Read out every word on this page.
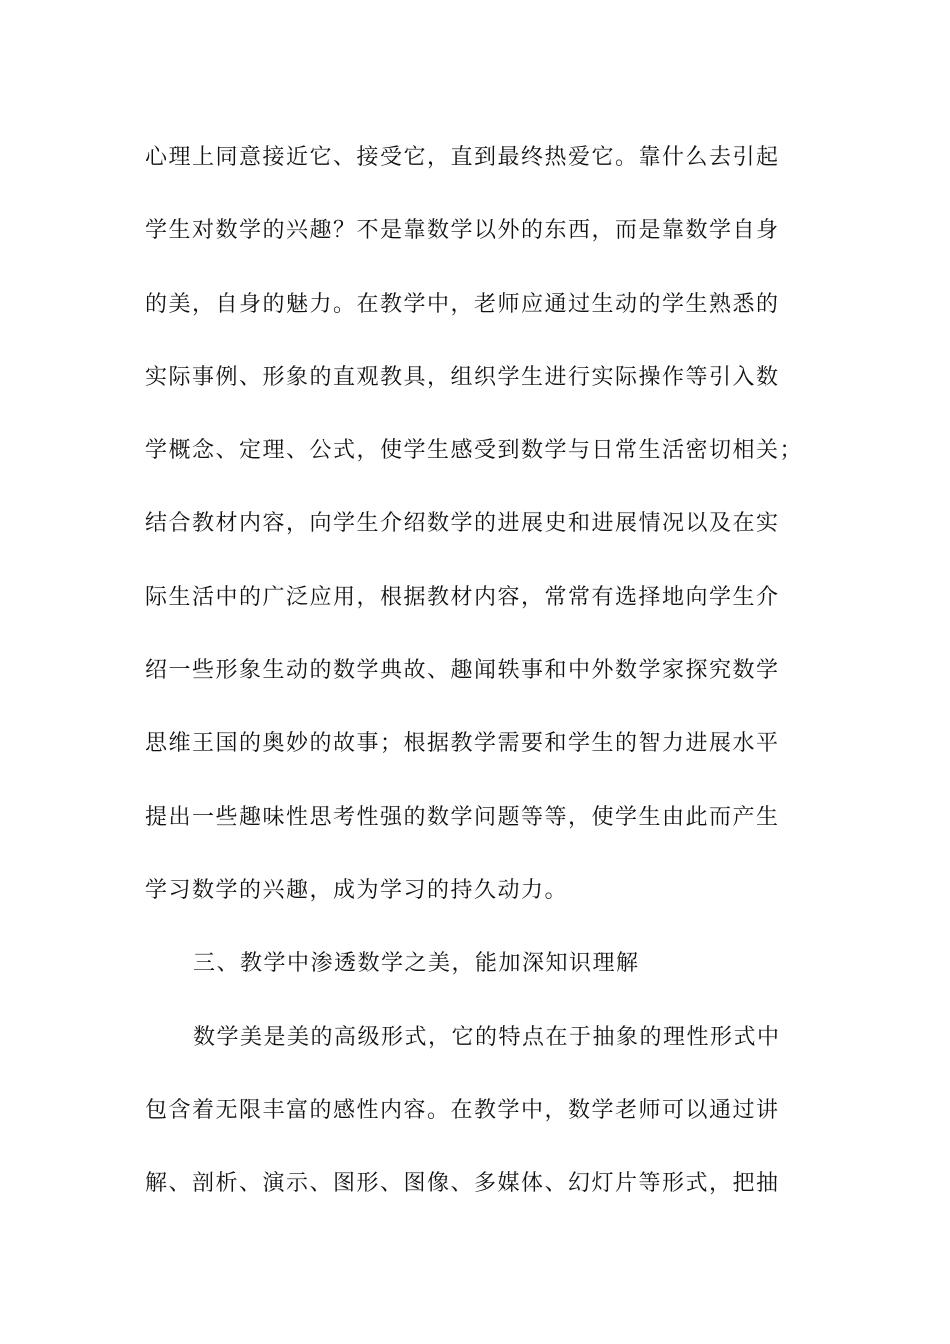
心理上同意接近它、接受它，直到最终热爱它。靠什么去引起
学生对数学的兴趣？不是靠数学以外的东西，而是靠数学自身
的美，自身的魅力。在教学中，老师应通过生动的学生熟悉的
实际事例、形象的直观教具，组织学生进行实际操作等引入数
学概念、定理、公式，使学生感受到数学与日常生活密切相关；
结合教材内容，向学生介绍数学的进展史和进展情况以及在实
际生活中的广泛应用，根据教材内容，常常有选择地向学生介
绍一些形象生动的数学典故、趣闻轶事和中外数学家探究数学
思维王国的奥妙的故事；根据教学需要和学生的智力进展水平
提出一些趣味性思考性强的数学问题等等，使学生由此而产生
学习数学的兴趣，成为学习的持久动力。
三、教学中渗透数学之美，能加深知识理解
数学美是美的高级形式，它的特点在于抽象的理性形式中
包含着无限丰富的感性内容。在教学中，数学老师可以通过讲
解、剖析、演示、图形、图像、多媒体、幻灯片等形式，把抽
